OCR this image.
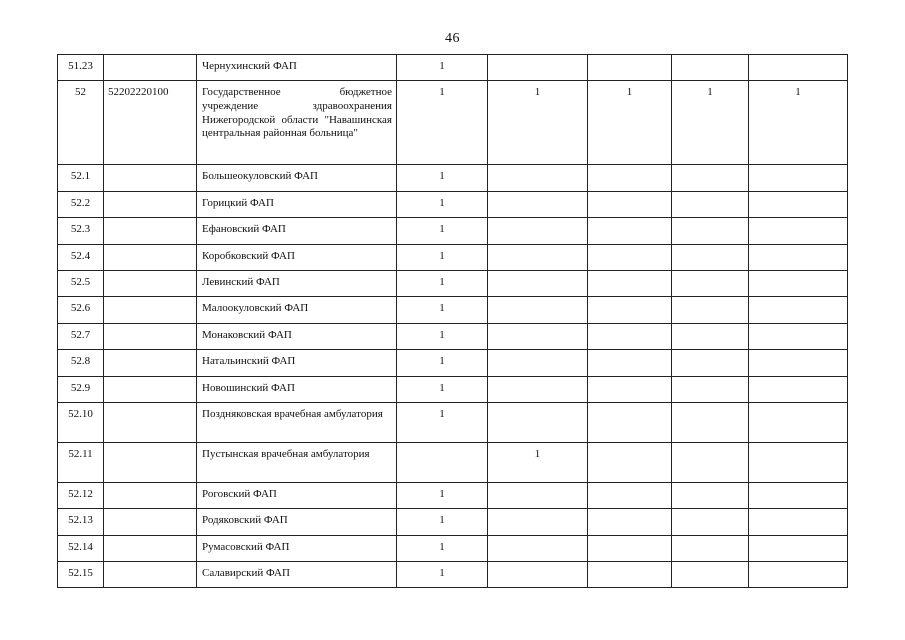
46
51.23		Чернухинский ФАП	1				
52	52202220100	Государственное бюджетное учреждение здравоохранения Нижегородской области "Навашинская центральная районная больница"	1	1	1	1	1
52.1		Большеокуловский ФАП	1				
52.2		Горицкий ФАП	1				
52.3		Ефановский ФАП	1				
52.4		Коробковский ФАП	1				
52.5		Левинский ФАП	1				
52.6		Малоокуловский ФАП	1				
52.7		Монаковский ФАП	1				
52.8		Натальинский ФАП	1				
52.9		Новошинский ФАП	1				
52.10		Поздняковская врачебная амбулатория	1				
52.11		Пустынская врачебная амбулатория		1			
52.12		Роговский ФАП	1				
52.13		Родяковский ФАП	1				
52.14		Румасовский ФАП	1				
52.15		Салавирский ФАП	1				
